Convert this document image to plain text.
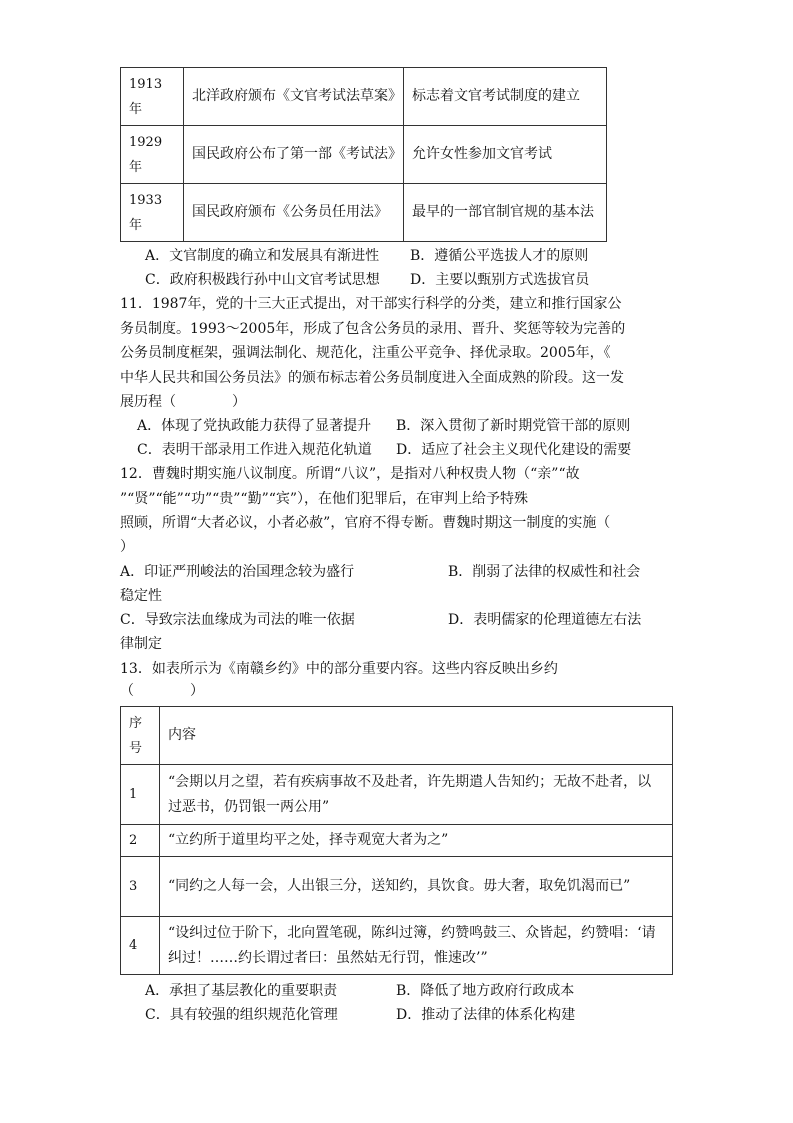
1913年	北洋政府颁布《文官考试法草案》	标志着文官考试制度的建立
1929年	国民政府公布了第一部《考试法》	允许女性参加文官考试
1933年	国民政府颁布《公务员任用法》	最早的一部官制官规的基本法
A．文官制度的确立和发展具有渐进性 B．遵循公平选拔人才的原则
C．政府积极践行孙中山文官考试思想 D．主要以甄别方式选拔官员
11．1987年，党的十三大正式提出，对干部实行科学的分类，建立和推行国家公
务员制度。1993～2005年，形成了包含公务员的录用、晋升、奖惩等较为完善的
公务员制度框架，强调法制化、规范化，注重公平竞争、择优录取。2005年，《
中华人民共和国公务员法》的颁布标志着公务员制度进入全面成熟的阶段。这一发
展历程（　　　　）
A．体现了党执政能力获得了显著提升 B．深入贯彻了新时期党管干部的原则
C．表明干部录用工作进入规范化轨道 D．适应了社会主义现代化建设的需要
12．曹魏时期实施八议制度。所谓“八议”，是指对八种权贵人物（“亲”“故
”“贤”“能”“功”“贵”“勤”“宾”），在他们犯罪后，在审判上给予特殊
照顾，所谓“大者必议，小者必赦”，官府不得专断。曹魏时期这一制度的实施（
）
A．印证严刑峻法的治国理念较为盛行	B．削弱了法律的权威性和社会
稳定性
C．导致宗法血缘成为司法的唯一依据	D．表明儒家的伦理道德左右法
律制定
13．如表所示为《南赣乡约》中的部分重要内容。这些内容反映出乡约
（　　　　）
序号	内容
1	“会期以月之望，若有疾病事故不及赴者，许先期遣人告知约；无故不赴者，以过恶书，仍罚银一两公用”
2	“立约所于道里均平之处，择寺观宽大者为之”
3	“同约之人每一会，人出银三分，送知约，具饮食。毋大奢，取免饥渴而已”
4	“设纠过位于阶下，北向置笔砚，陈纠过簿，约赞鸣鼓三、众皆起，约赞唱：‘请纠过！……约长谓过者曰：虽然姑无行罚，惟速改’”
A．承担了基层教化的重要职责	B．降低了地方政府行政成本
C．具有较强的组织规范化管理	D．推动了法律的体系化构建
